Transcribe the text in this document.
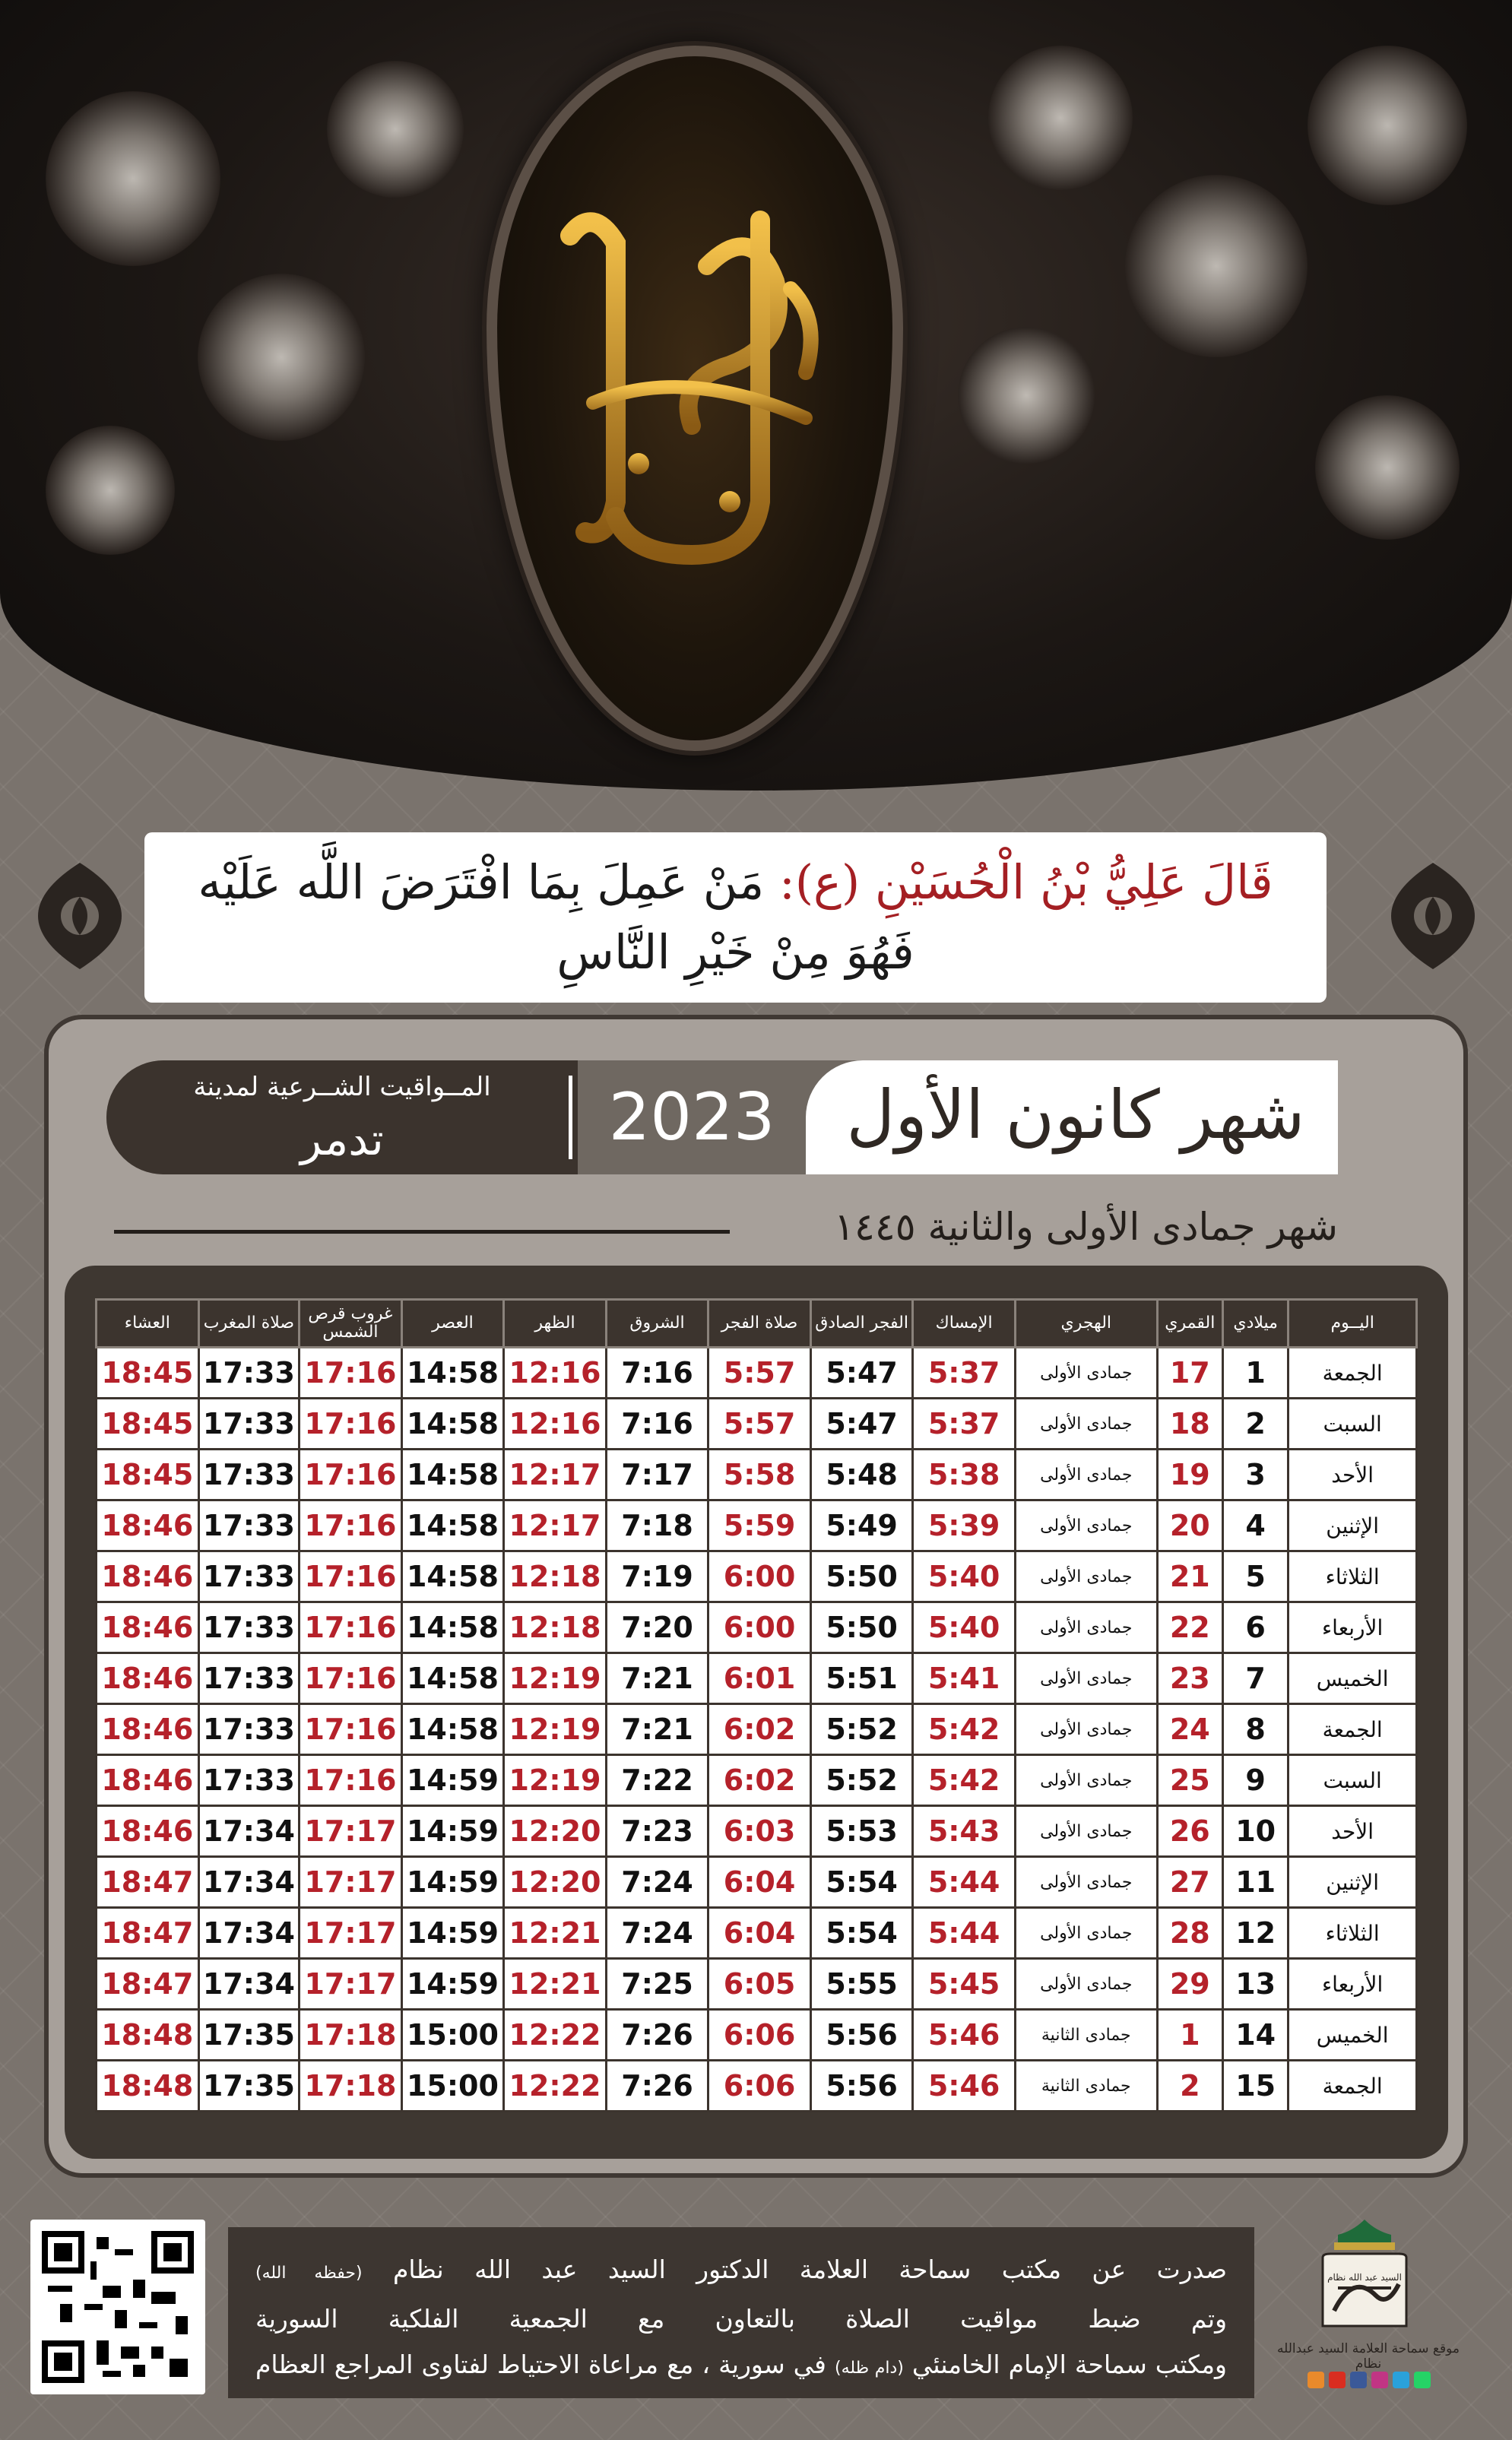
قَالَ عَلِيُّ بْنُ الْحُسَيْنِ (ع): مَنْ عَمِلَ بِمَا افْتَرَضَ اللَّه عَلَيْه
فَهُوَ مِنْ خَيْرِ النَّاسِ
المــواقيت الشــرعية لمدينة
تدمر	2023	شهر كانون الأول
شهر جمادى الأولى والثانية ١٤٤٥
اليــوم	ميلادي	القمري	الهجري	الإمساك	الفجر الصادق	صلاة الفجر	الشروق	الظهر	العصر	غروب قرص الشمس	صلاة المغرب	العشاء
الجمعة	1	17	جمادى الأولى	5:37	5:47	5:57	7:16	12:16	14:58	17:16	17:33	18:45
السبت	2	18	جمادى الأولى	5:37	5:47	5:57	7:16	12:16	14:58	17:16	17:33	18:45
الأحد	3	19	جمادى الأولى	5:38	5:48	5:58	7:17	12:17	14:58	17:16	17:33	18:45
الإثنين	4	20	جمادى الأولى	5:39	5:49	5:59	7:18	12:17	14:58	17:16	17:33	18:46
الثلاثاء	5	21	جمادى الأولى	5:40	5:50	6:00	7:19	12:18	14:58	17:16	17:33	18:46
الأربعاء	6	22	جمادى الأولى	5:40	5:50	6:00	7:20	12:18	14:58	17:16	17:33	18:46
الخميس	7	23	جمادى الأولى	5:41	5:51	6:01	7:21	12:19	14:58	17:16	17:33	18:46
الجمعة	8	24	جمادى الأولى	5:42	5:52	6:02	7:21	12:19	14:58	17:16	17:33	18:46
السبت	9	25	جمادى الأولى	5:42	5:52	6:02	7:22	12:19	14:59	17:16	17:33	18:46
الأحد	10	26	جمادى الأولى	5:43	5:53	6:03	7:23	12:20	14:59	17:17	17:34	18:46
الإثنين	11	27	جمادى الأولى	5:44	5:54	6:04	7:24	12:20	14:59	17:17	17:34	18:47
الثلاثاء	12	28	جمادى الأولى	5:44	5:54	6:04	7:24	12:21	14:59	17:17	17:34	18:47
الأربعاء	13	29	جمادى الأولى	5:45	5:55	6:05	7:25	12:21	14:59	17:17	17:34	18:47
الخميس	14	1	جمادى الثانية	5:46	5:56	6:06	7:26	12:22	15:00	17:18	17:35	18:48
الجمعة	15	2	جمادى الثانية	5:46	5:56	6:06	7:26	12:22	15:00	17:18	17:35	18:48
صدرت عن مكتب سماحة العلامة الدكتور السيد عبد الله نظام (حفظه الله)
وتم ضبط مواقيت الصلاة بالتعاون مع الجمعية الفلكية السورية
ومكتب سماحة الإمام الخامنئي (دام ظله) في سورية ، مع مراعاة الاحتياط لفتاوى المراجع العظام
السيد عبد الله نظام
موقع سماحة العلامة السيد عبدالله نظام
